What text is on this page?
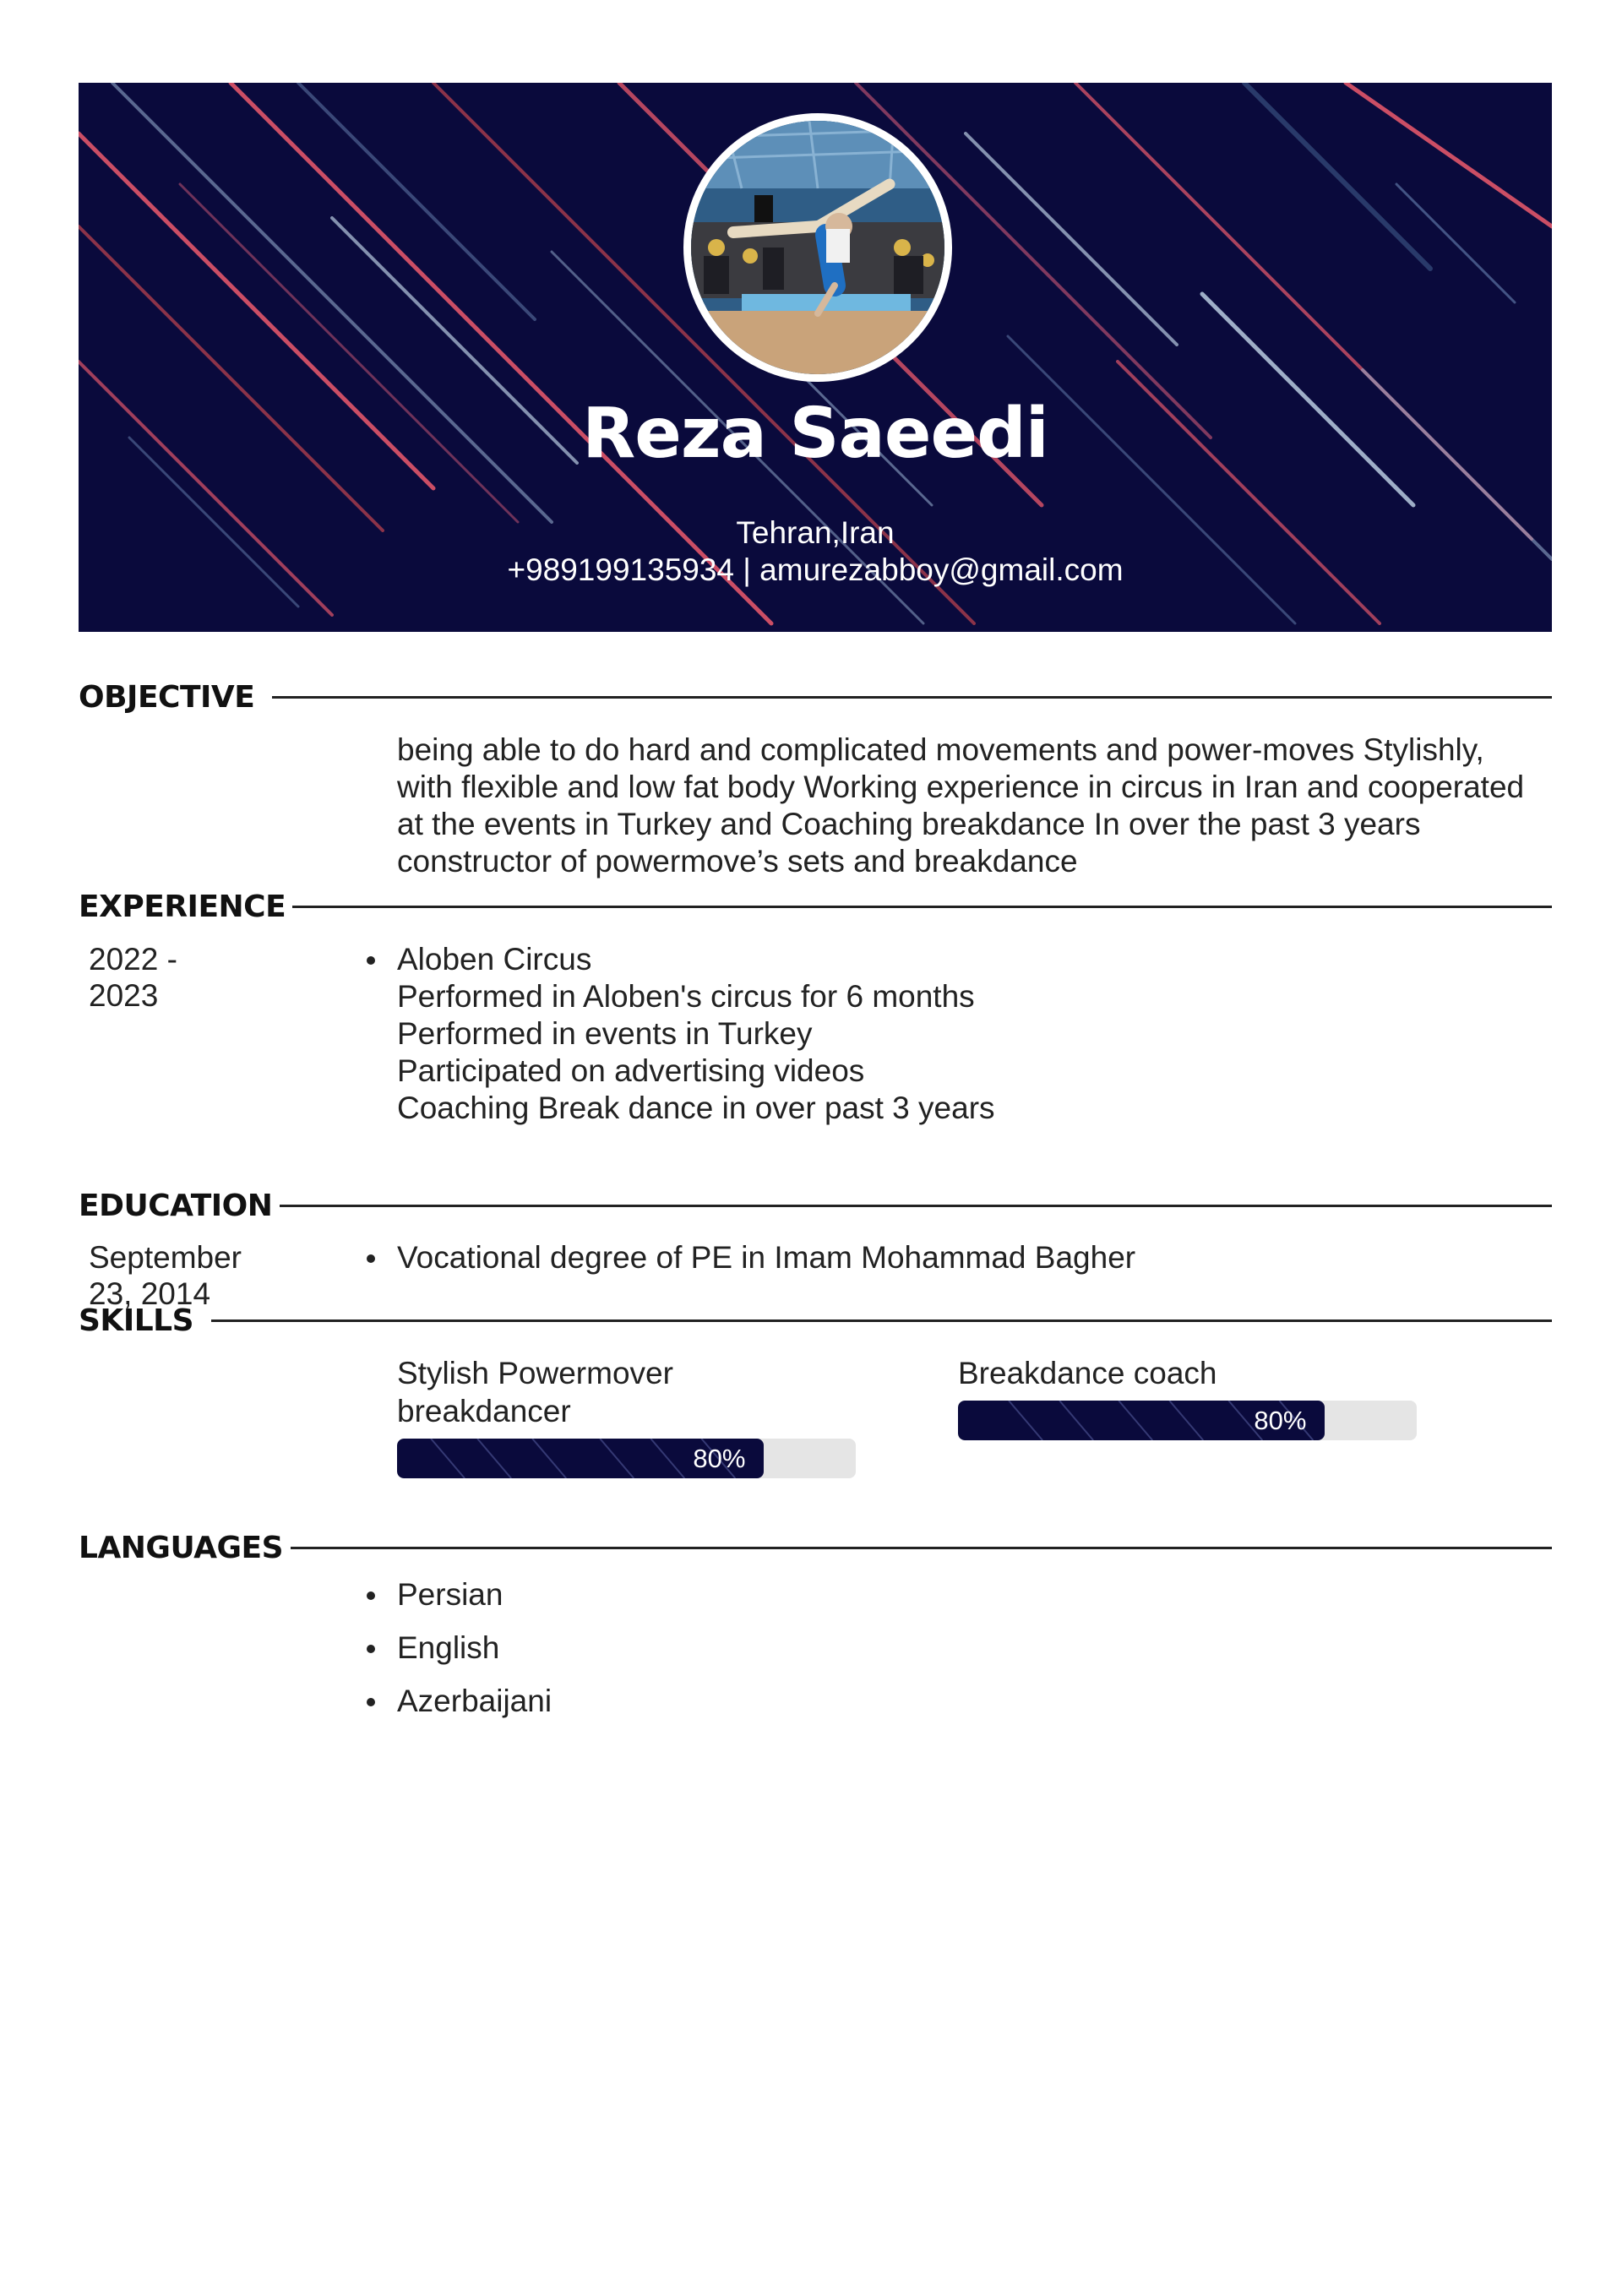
Reza Saeedi
Tehran,Iran
+989199135934 | amurezabboy@gmail.com
OBJECTIVE
being able to do hard and complicated movements and power-moves Stylishly,
with flexible and low fat body Working experience in circus in Iran and cooperated
at the events in Turkey and Coaching breakdance In over the past 3 years
constructor of powermove’s sets and breakdance
EXPERIENCE
2022 -
2023
Aloben Circus
Performed in Aloben's circus for 6 months
Performed in events in Turkey
Participated on advertising videos
Coaching Break dance in over past 3 years
EDUCATION
September
23, 2014
Vocational degree of PE in Imam Mohammad Bagher
SKILLS
Stylish Powermover
breakdancer
80%
Breakdance coach
80%
LANGUAGES
Persian
English
Azerbaijani
